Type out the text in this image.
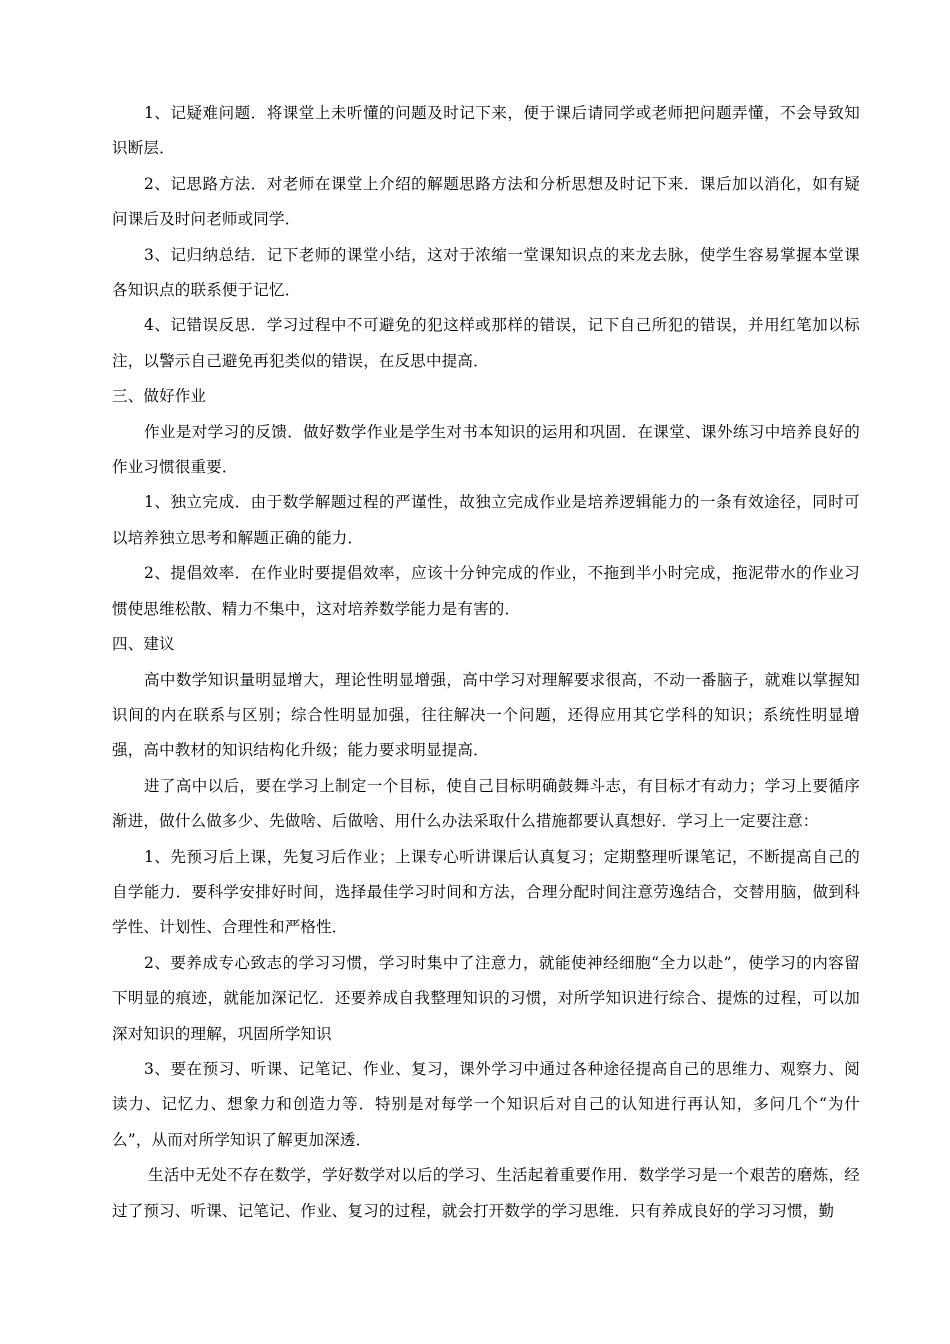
1、记疑难问题．将课堂上未听懂的问题及时记下来，便于课后请同学或老师把问题弄懂，不会导致知识断层．

2、记思路方法．对老师在课堂上介绍的解题思路方法和分析思想及时记下来．课后加以消化，如有疑问课后及时问老师或同学．

3、记归纳总结．记下老师的课堂小结，这对于浓缩一堂课知识点的来龙去脉，使学生容易掌握本堂课各知识点的联系便于记忆．

4、记错误反思．学习过程中不可避免的犯这样或那样的错误，记下自己所犯的错误，并用红笔加以标注，以警示自己避免再犯类似的错误，在反思中提高．

三、做好作业

作业是对学习的反馈．做好数学作业是学生对书本知识的运用和巩固．在课堂、课外练习中培养良好的作业习惯很重要．

1、独立完成．由于数学解题过程的严谨性，故独立完成作业是培养逻辑能力的一条有效途径，同时可以培养独立思考和解题正确的能力．

2、提倡效率．在作业时要提倡效率，应该十分钟完成的作业，不拖到半小时完成，拖泥带水的作业习惯使思维松散、精力不集中，这对培养数学能力是有害的．

四、建议

高中数学知识量明显增大，理论性明显增强，高中学习对理解要求很高，不动一番脑子，就难以掌握知识间的内在联系与区别；综合性明显加强，往往解决一个问题，还得应用其它学科的知识；系统性明显增强，高中教材的知识结构化升级；能力要求明显提高．

进了高中以后，要在学习上制定一个目标，使自己目标明确鼓舞斗志，有目标才有动力；学习上要循序渐进，做什么做多少、先做啥、后做啥、用什么办法采取什么措施都要认真想好．学习上一定要注意：

1、先预习后上课，先复习后作业；上课专心听讲课后认真复习；定期整理听课笔记，不断提高自己的自学能力．要科学安排好时间，选择最佳学习时间和方法，合理分配时间注意劳逸结合，交替用脑，做到科学性、计划性、合理性和严格性．

2、要养成专心致志的学习习惯，学习时集中了注意力，就能使神经细胞“全力以赴”，使学习的内容留下明显的痕迹，就能加深记忆．还要养成自我整理知识的习惯，对所学知识进行综合、提炼的过程，可以加深对知识的理解，巩固所学知识

3、要在预习、听课、记笔记、作业、复习，课外学习中通过各种途径提高自己的思维力、观察力、阅读力、记忆力、想象力和创造力等．特别是对每学一个知识后对自己的认知进行再认知，多问几个“为什么”，从而对所学知识了解更加深透．

生活中无处不存在数学，学好数学对以后的学习、生活起着重要作用．数学学习是一个艰苦的磨炼，经过了预习、听课、记笔记、作业、复习的过程，就会打开数学的学习思维．只有养成良好的学习习惯，勤
